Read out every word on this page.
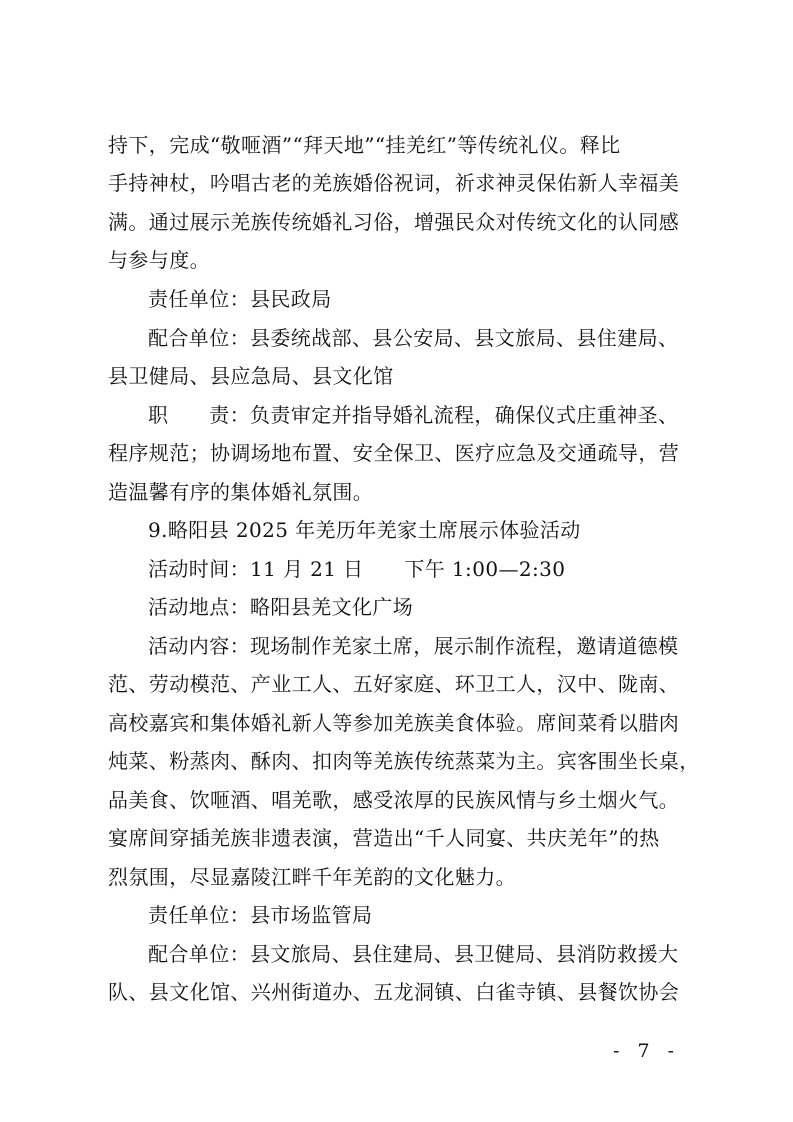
持下，完成“敬咂酒”“拜天地”“挂羌红”等传统礼仪。释比
手持神杖，吟唱古老的羌族婚俗祝词，祈求神灵保佑新人幸福美
满。通过展示羌族传统婚礼习俗，增强民众对传统文化的认同感
与参与度。
责任单位：县民政局
配合单位：县委统战部、县公安局、县文旅局、县住建局、
县卫健局、县应急局、县文化馆
职　　责：负责审定并指导婚礼流程，确保仪式庄重神圣、
程序规范；协调场地布置、安全保卫、医疗应急及交通疏导，营
造温馨有序的集体婚礼氛围。
9.略阳县 2025 年羌历年羌家土席展示体验活动
活动时间：11 月 21 日　　下午 1:00—2:30
活动地点：略阳县羌文化广场
活动内容：现场制作羌家土席，展示制作流程，邀请道德模
范、劳动模范、产业工人、五好家庭、环卫工人，汉中、陇南、
高校嘉宾和集体婚礼新人等参加羌族美食体验。席间菜肴以腊肉
炖菜、粉蒸肉、酥肉、扣肉等羌族传统蒸菜为主。宾客围坐长桌，
品美食、饮咂酒、唱羌歌，感受浓厚的民族风情与乡土烟火气。
宴席间穿插羌族非遗表演，营造出“千人同宴、共庆羌年”的热
烈氛围，尽显嘉陵江畔千年羌韵的文化魅力。
责任单位：县市场监管局
配合单位：县文旅局、县住建局、县卫健局、县消防救援大
队、县文化馆、兴州街道办、五龙洞镇、白雀寺镇、县餐饮协会
- 7 -
